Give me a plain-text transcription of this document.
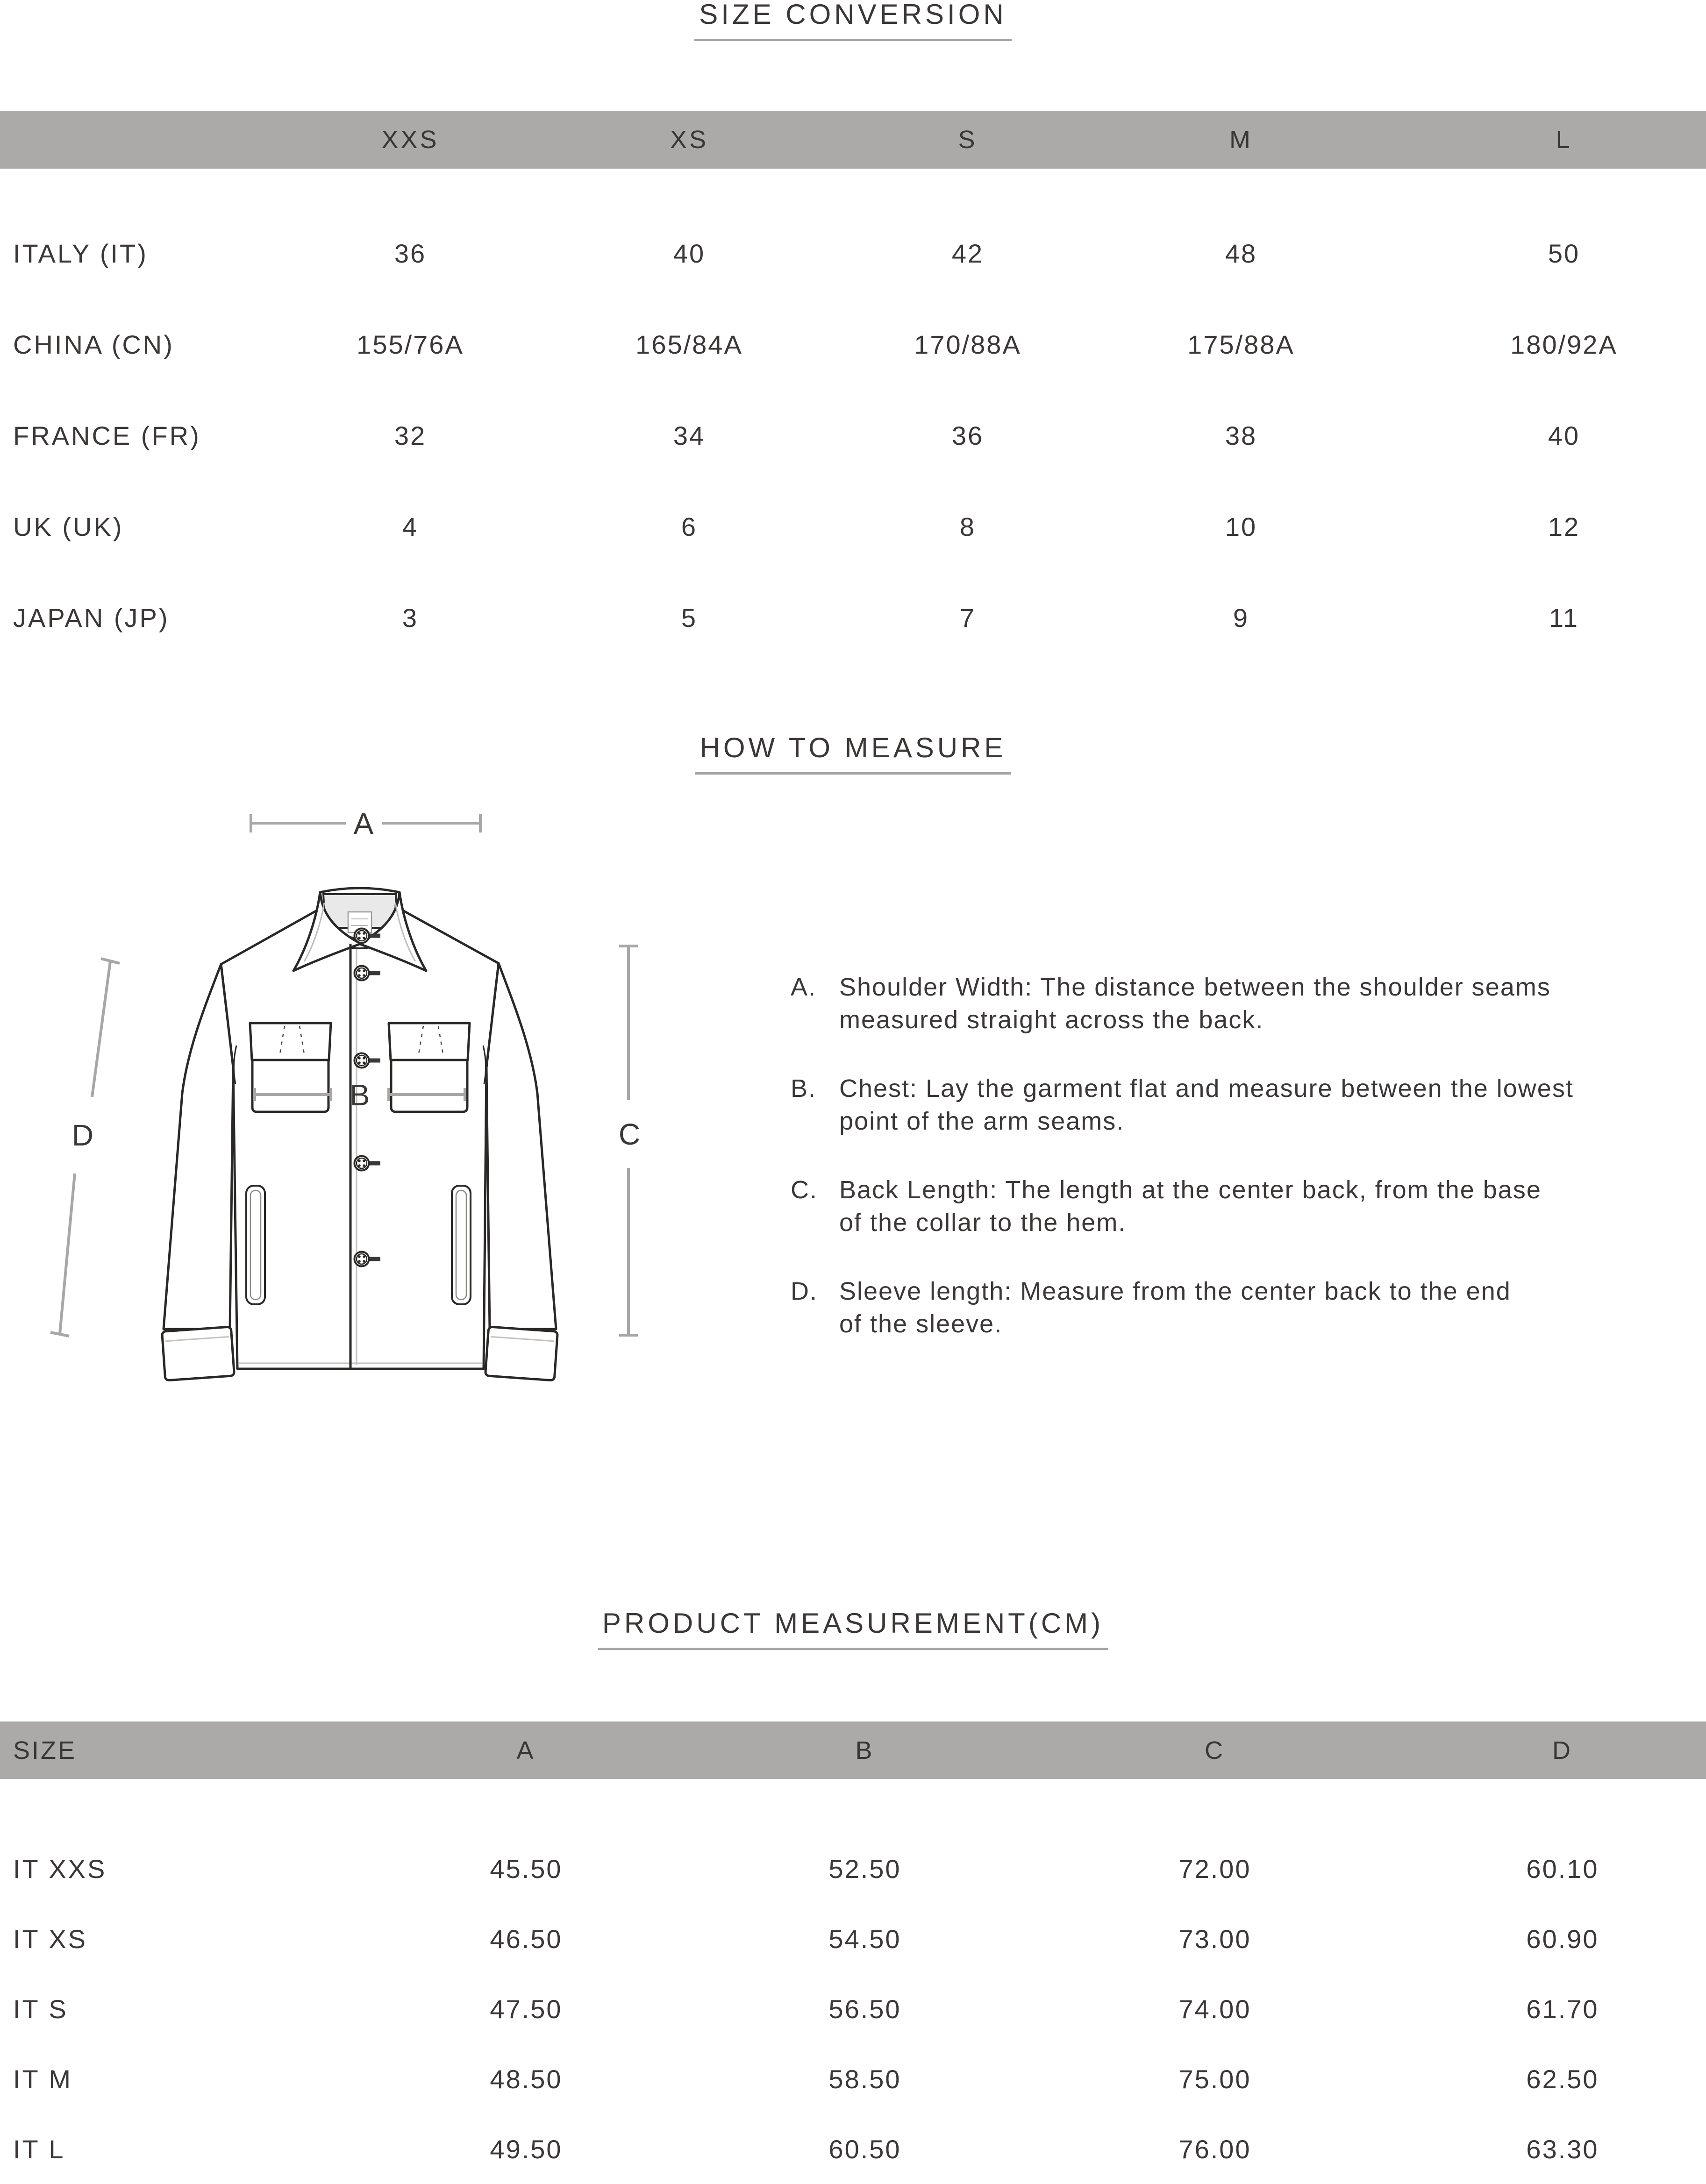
SIZE CONVERSION
XXS	XS	S	M	L
ITALY (IT)	36	40	42	48	50
CHINA (CN)	155/76A	165/84A	170/88A	175/88A	180/92A
FRANCE (FR)	32	34	36	38	40
UK (UK)	4	6	8	10	12
JAPAN (JP)	3	5	7	9	11
HOW TO MEASURE
A
B
C
D
A. Shoulder Width: The distance between the shoulder seams
measured straight across the back.
B. Chest: Lay the garment flat and measure between the lowest
point of the arm seams.
C. Back Length: The length at the center back, from the base
of the collar to the hem.
D. Sleeve length: Measure from the center back to the end
of the sleeve.
PRODUCT MEASUREMENT(CM)
SIZE	A	B	C	D
IT XXS	45.50	52.50	72.00	60.10
IT XS	46.50	54.50	73.00	60.90
IT S	47.50	56.50	74.00	61.70
IT M	48.50	58.50	75.00	62.50
IT L	49.50	60.50	76.00	63.30
